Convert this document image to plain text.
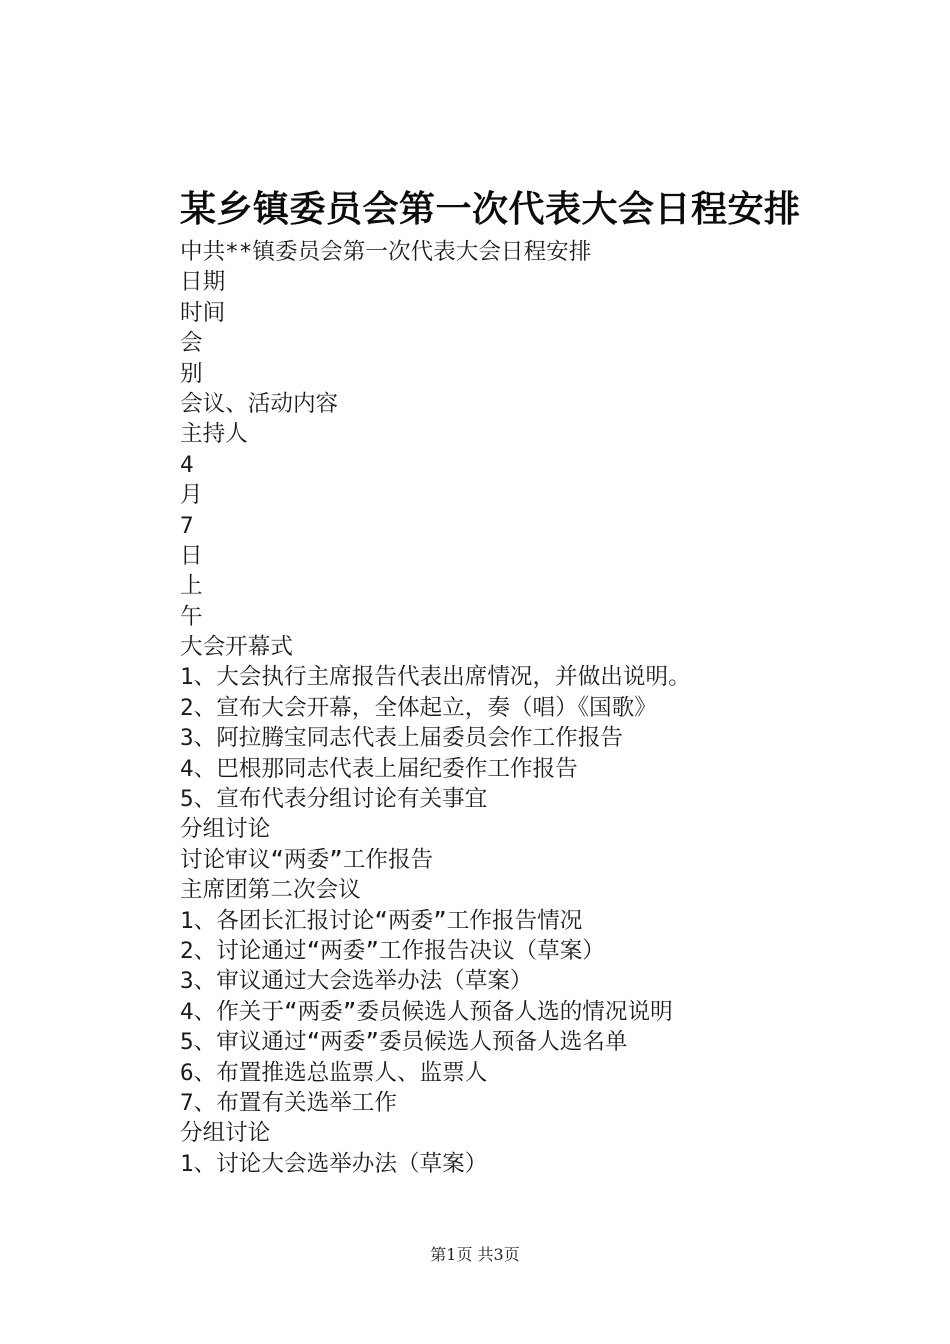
某乡镇委员会第一次代表大会日程安排
中共**镇委员会第一次代表大会日程安排
日期
时间
会
别
会议、活动内容
主持人
4
月
7
日
上
午
大会开幕式
1、大会执行主席报告代表出席情况，并做出说明。
2、宣布大会开幕，全体起立，奏（唱）《国歌》
3、阿拉腾宝同志代表上届委员会作工作报告
4、巴根那同志代表上届纪委作工作报告
5、宣布代表分组讨论有关事宜
分组讨论
讨论审议“两委”工作报告
主席团第二次会议
1、各团长汇报讨论“两委”工作报告情况
2、讨论通过“两委”工作报告决议（草案）
3、审议通过大会选举办法（草案）
4、作关于“两委”委员候选人预备人选的情况说明
5、审议通过“两委”委员候选人预备人选名单
6、布置推选总监票人、监票人
7、布置有关选举工作
分组讨论
1、讨论大会选举办法（草案）
第1页 共3页
